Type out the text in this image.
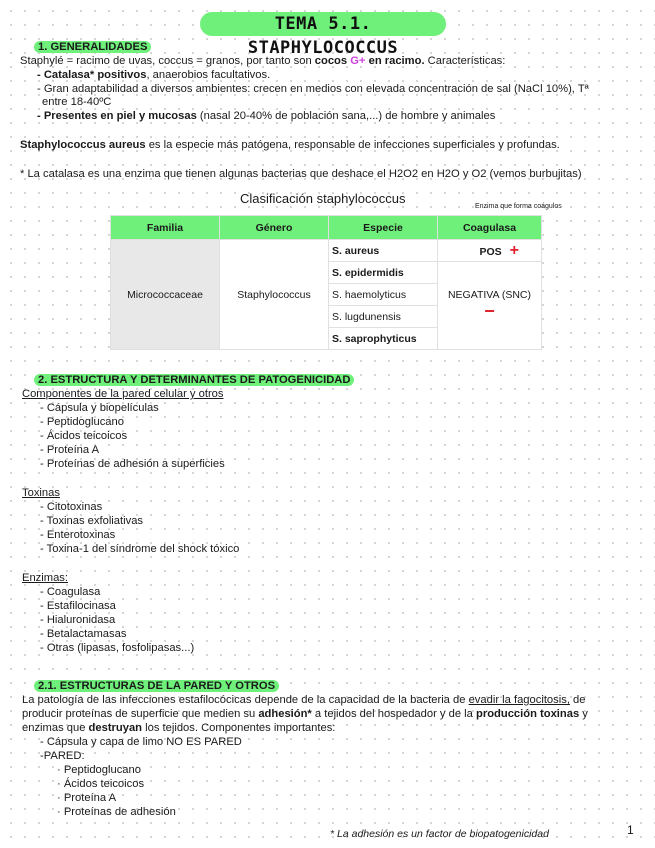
TEMA 5.1. STAPHYLOCOCCUS
1. GENERALIDADES
Staphylé = racimo de uvas, coccus = granos, por tanto son cocos G+ en racimo. Características:
- Catalasa* positivos, anaerobios facultativos.
- Gran adaptabilidad a diversos ambientes: crecen en medios con elevada concentración de sal (NaCl 10%), Tª
entre 18-40ºC
- Presentes en piel y mucosas (nasal 20-40% de población sana,...) de hombre y animales
Staphylococcus aureus es la especie más patógena, responsable de infecciones superficiales y profundas.
* La catalasa es una enzima que tienen algunas bacterias que deshace el H2O2 en H2O y O2 (vemos burbujitas)
Clasificación staphylococcus
Enzima que forma coágulos
Familia	Género	Especie	Coagulasa
Micrococcaceae	Staphylococcus	S. aureus	POS +
		S. epidermidis	NEGATIVA (SNC)
−

		S. haemolyticus	
		S. lugdunensis	
		S. saprophyticus	
2. ESTRUCTURA Y DETERMINANTES DE PATOGENICIDAD
Componentes de la pared celular y otros
- Cápsula y biopelículas
- Peptidoglucano
- Ácidos teicoicos
- Proteína A
- Proteínas de adhesión a superficies
Toxinas
- Citotoxinas
- Toxinas exfoliativas
- Enterotoxinas
- Toxina-1 del síndrome del shock tóxico
Enzimas:
- Coagulasa
- Estafilocinasa
- Hialuronidasa
- Betalactamasas
- Otras (lipasas, fosfolipasas...)
2.1. ESTRUCTURAS DE LA PARED Y OTROS
La patología de las infecciones estafilocócicas depende de la capacidad de la bacteria de evadir la fagocitosis, de
producir proteínas de superficie que medien su adhesión* a tejidos del hospedador y de la producción toxinas y
enzimas que destruyan los tejidos. Componentes importantes:
- Cápsula y capa de limo NO ES PARED
-PARED:
· Peptidoglucano
· Ácidos teicoicos
· Proteína A
· Proteínas de adhesión
* La adhesión es un factor de biopatogenicidad	1
